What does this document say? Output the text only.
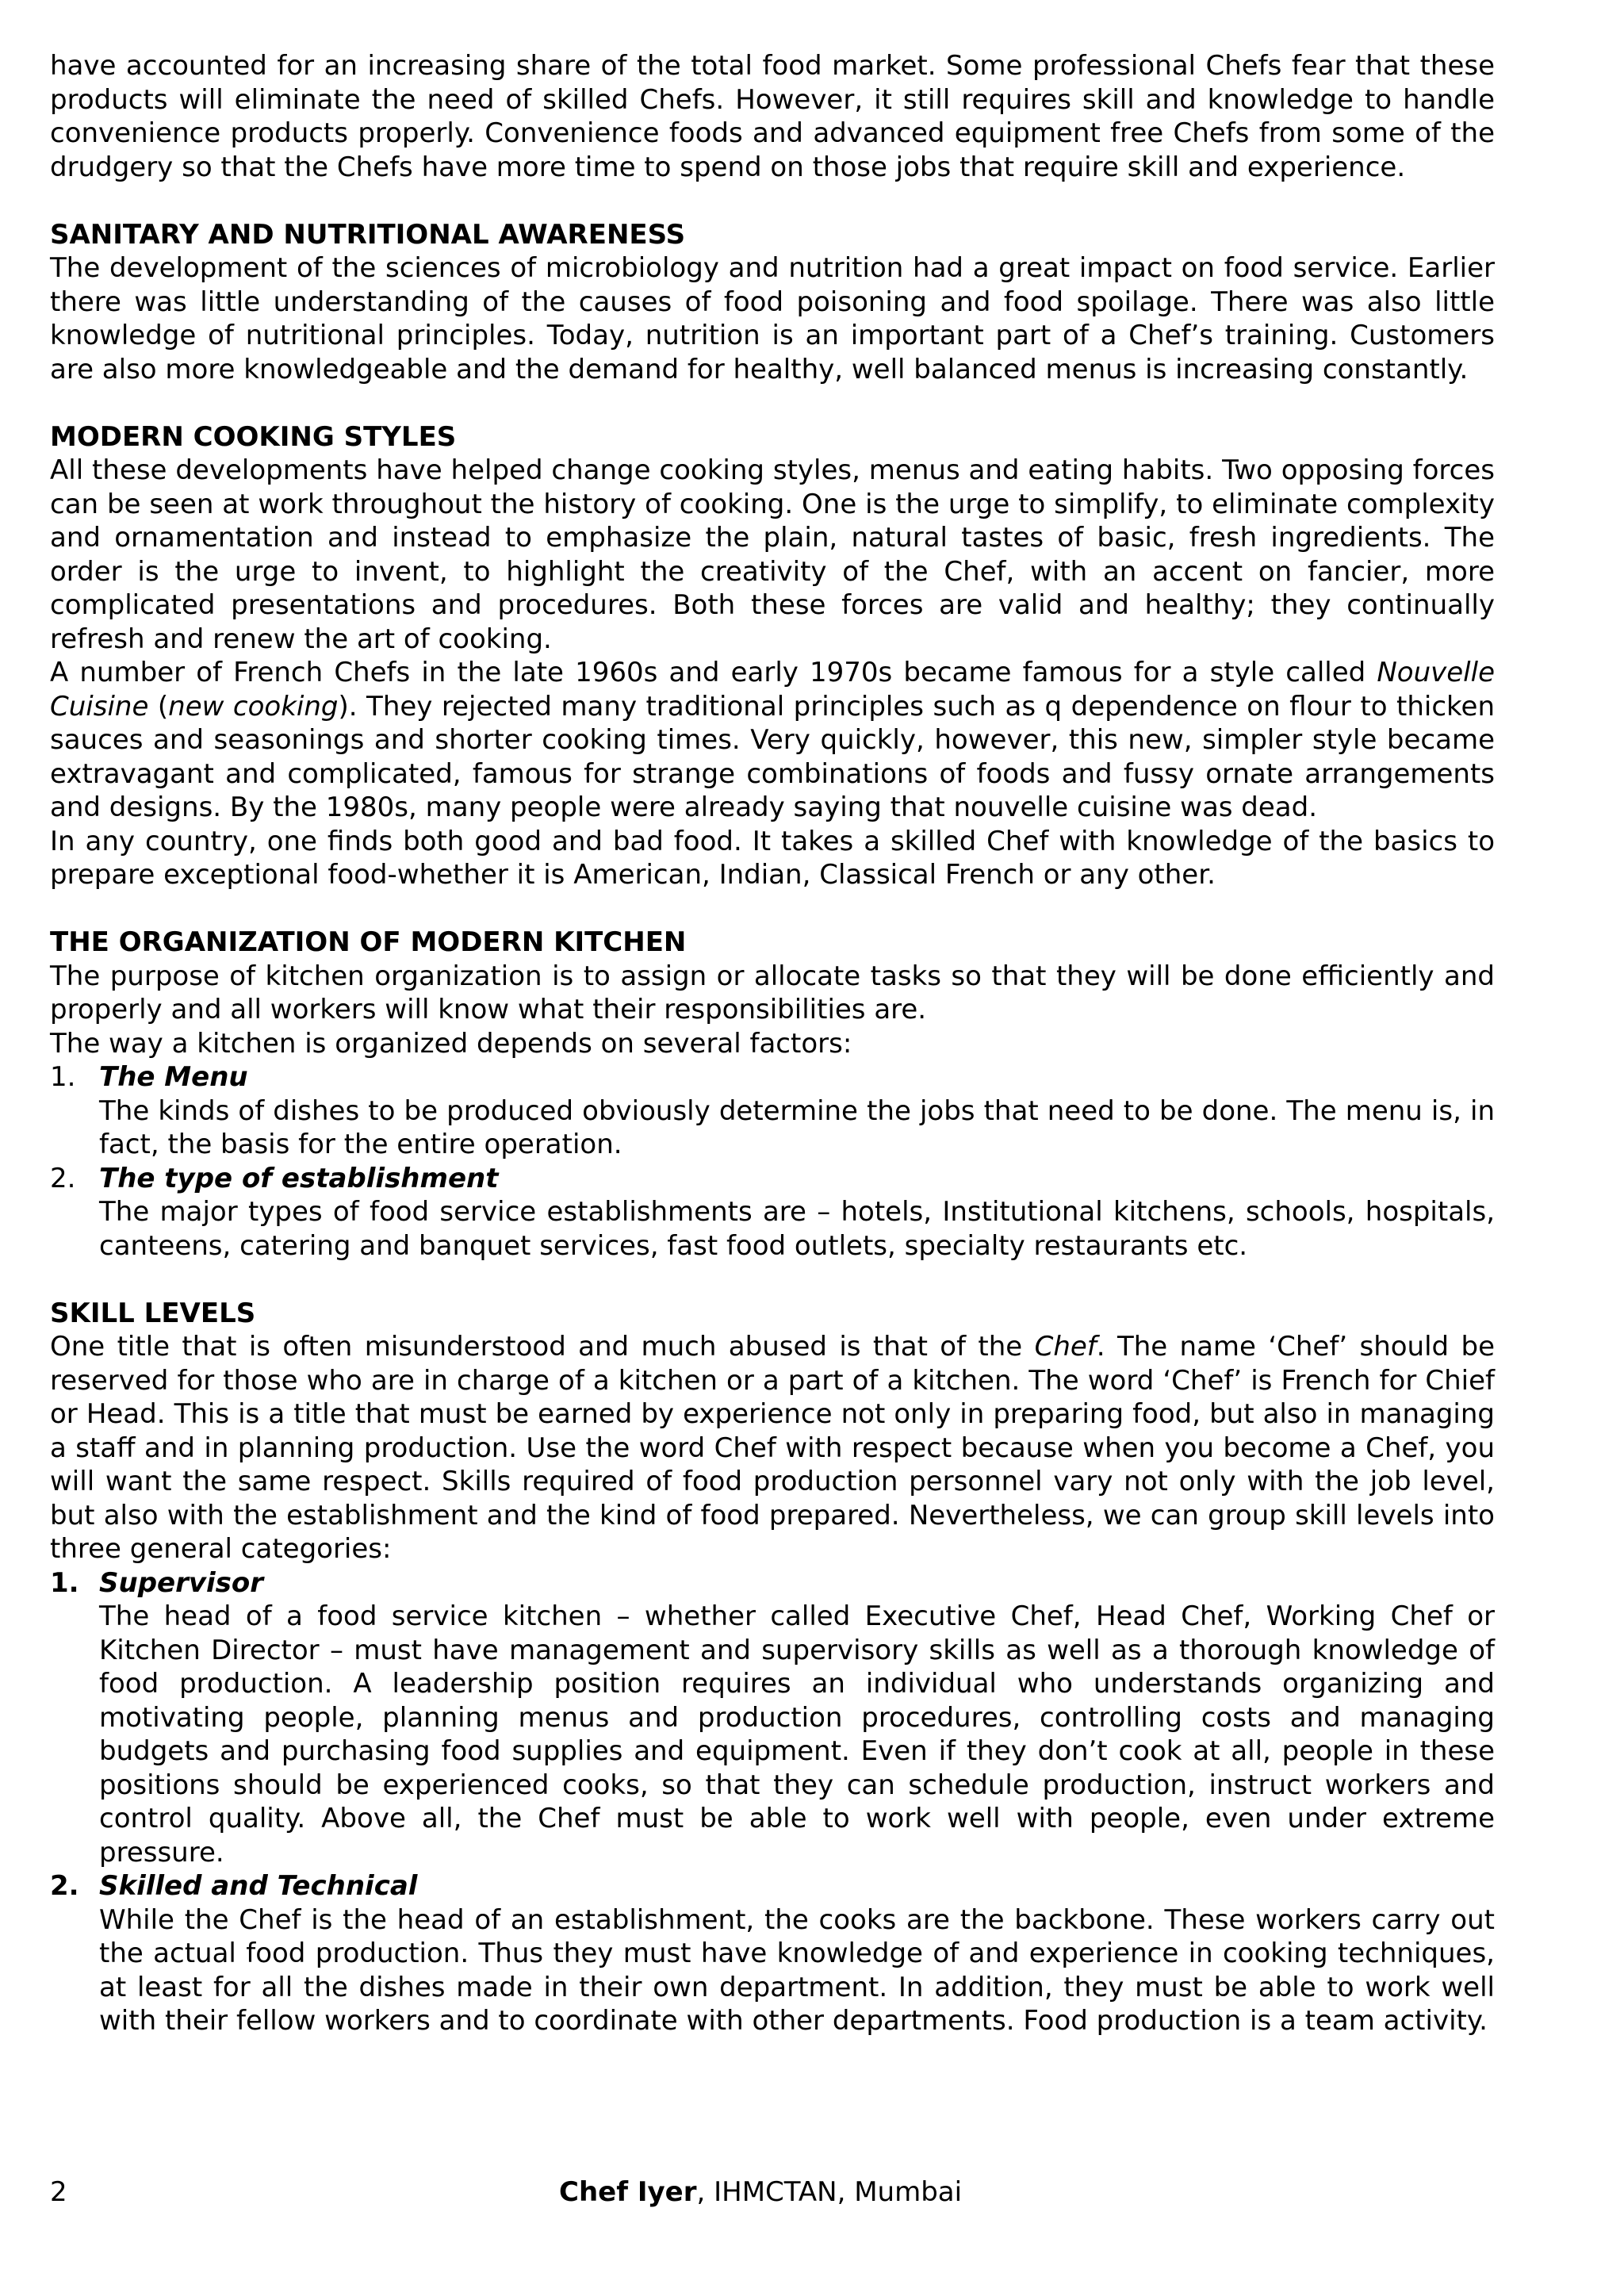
have accounted for an increasing share of the total food market. Some professional Chefs fear that these products will eliminate the need of skilled Chefs. However, it still requires skill and knowledge to handle convenience products properly. Convenience foods and advanced equipment free Chefs from some of the drudgery so that the Chefs have more time to spend on those jobs that require skill and experience.

SANITARY AND NUTRITIONAL AWARENESS

The development of the sciences of microbiology and nutrition had a great impact on food service. Earlier there was little understanding of the causes of food poisoning and food spoilage. There was also little knowledge of nutritional principles. Today, nutrition is an important part of a Chef’s training. Customers are also more knowledgeable and the demand for healthy, well balanced menus is increasing constantly.

MODERN COOKING STYLES

All these developments have helped change cooking styles, menus and eating habits. Two opposing forces can be seen at work throughout the history of cooking. One is the urge to simplify, to eliminate complexity and ornamentation and instead to emphasize the plain, natural tastes of basic, fresh ingredients. The order is the urge to invent, to highlight the creativity of the Chef, with an accent on fancier, more complicated presentations and procedures. Both these forces are valid and healthy; they continually refresh and renew the art of cooking.

A number of French Chefs in the late 1960s and early 1970s became famous for a style called Nouvelle Cuisine (new cooking). They rejected many traditional principles such as q dependence on flour to thicken sauces and seasonings and shorter cooking times. Very quickly, however, this new, simpler style became extravagant and complicated, famous for strange combinations of foods and fussy ornate arrangements and designs. By the 1980s, many people were already saying that nouvelle cuisine was dead.

In any country, one finds both good and bad food. It takes a skilled Chef with knowledge of the basics to prepare exceptional food-whether it is American, Indian, Classical French or any other.

THE ORGANIZATION OF MODERN KITCHEN

The purpose of kitchen organization is to assign or allocate tasks so that they will be done efficiently and properly and all workers will know what their responsibilities are.

The way a kitchen is organized depends on several factors:

1. The Menu
The kinds of dishes to be produced obviously determine the jobs that need to be done. The menu is, in fact, the basis for the entire operation.
2. The type of establishment
The major types of food service establishments are – hotels, Institutional kitchens, schools, hospitals, canteens, catering and banquet services, fast food outlets, specialty restaurants etc.
SKILL LEVELS

One title that is often misunderstood and much abused is that of the Chef. The name ‘Chef’ should be reserved for those who are in charge of a kitchen or a part of a kitchen. The word ‘Chef’ is French for Chief or Head. This is a title that must be earned by experience not only in preparing food, but also in managing a staff and in planning production. Use the word Chef with respect because when you become a Chef, you will want the same respect. Skills required of food production personnel vary not only with the job level, but also with the establishment and the kind of food prepared. Nevertheless, we can group skill levels into three general categories:

1. Supervisor
The head of a food service kitchen – whether called Executive Chef, Head Chef, Working Chef or Kitchen Director – must have management and supervisory skills as well as a thorough knowledge of food production. A leadership position requires an individual who understands organizing and motivating people, planning menus and production procedures, controlling costs and managing budgets and purchasing food supplies and equipment. Even if they don’t cook at all, people in these positions should be experienced cooks, so that they can schedule production, instruct workers and control quality. Above all, the Chef must be able to work well with people, even under extreme pressure.
2. Skilled and Technical
While the Chef is the head of an establishment, the cooks are the backbone. These workers carry out the actual food production. Thus they must have knowledge of and experience in cooking techniques, at least for all the dishes made in their own department. In addition, they must be able to work well with their fellow workers and to coordinate with other departments. Food production is a team activity.
2	Chef Iyer, IHMCTAN, Mumbai
